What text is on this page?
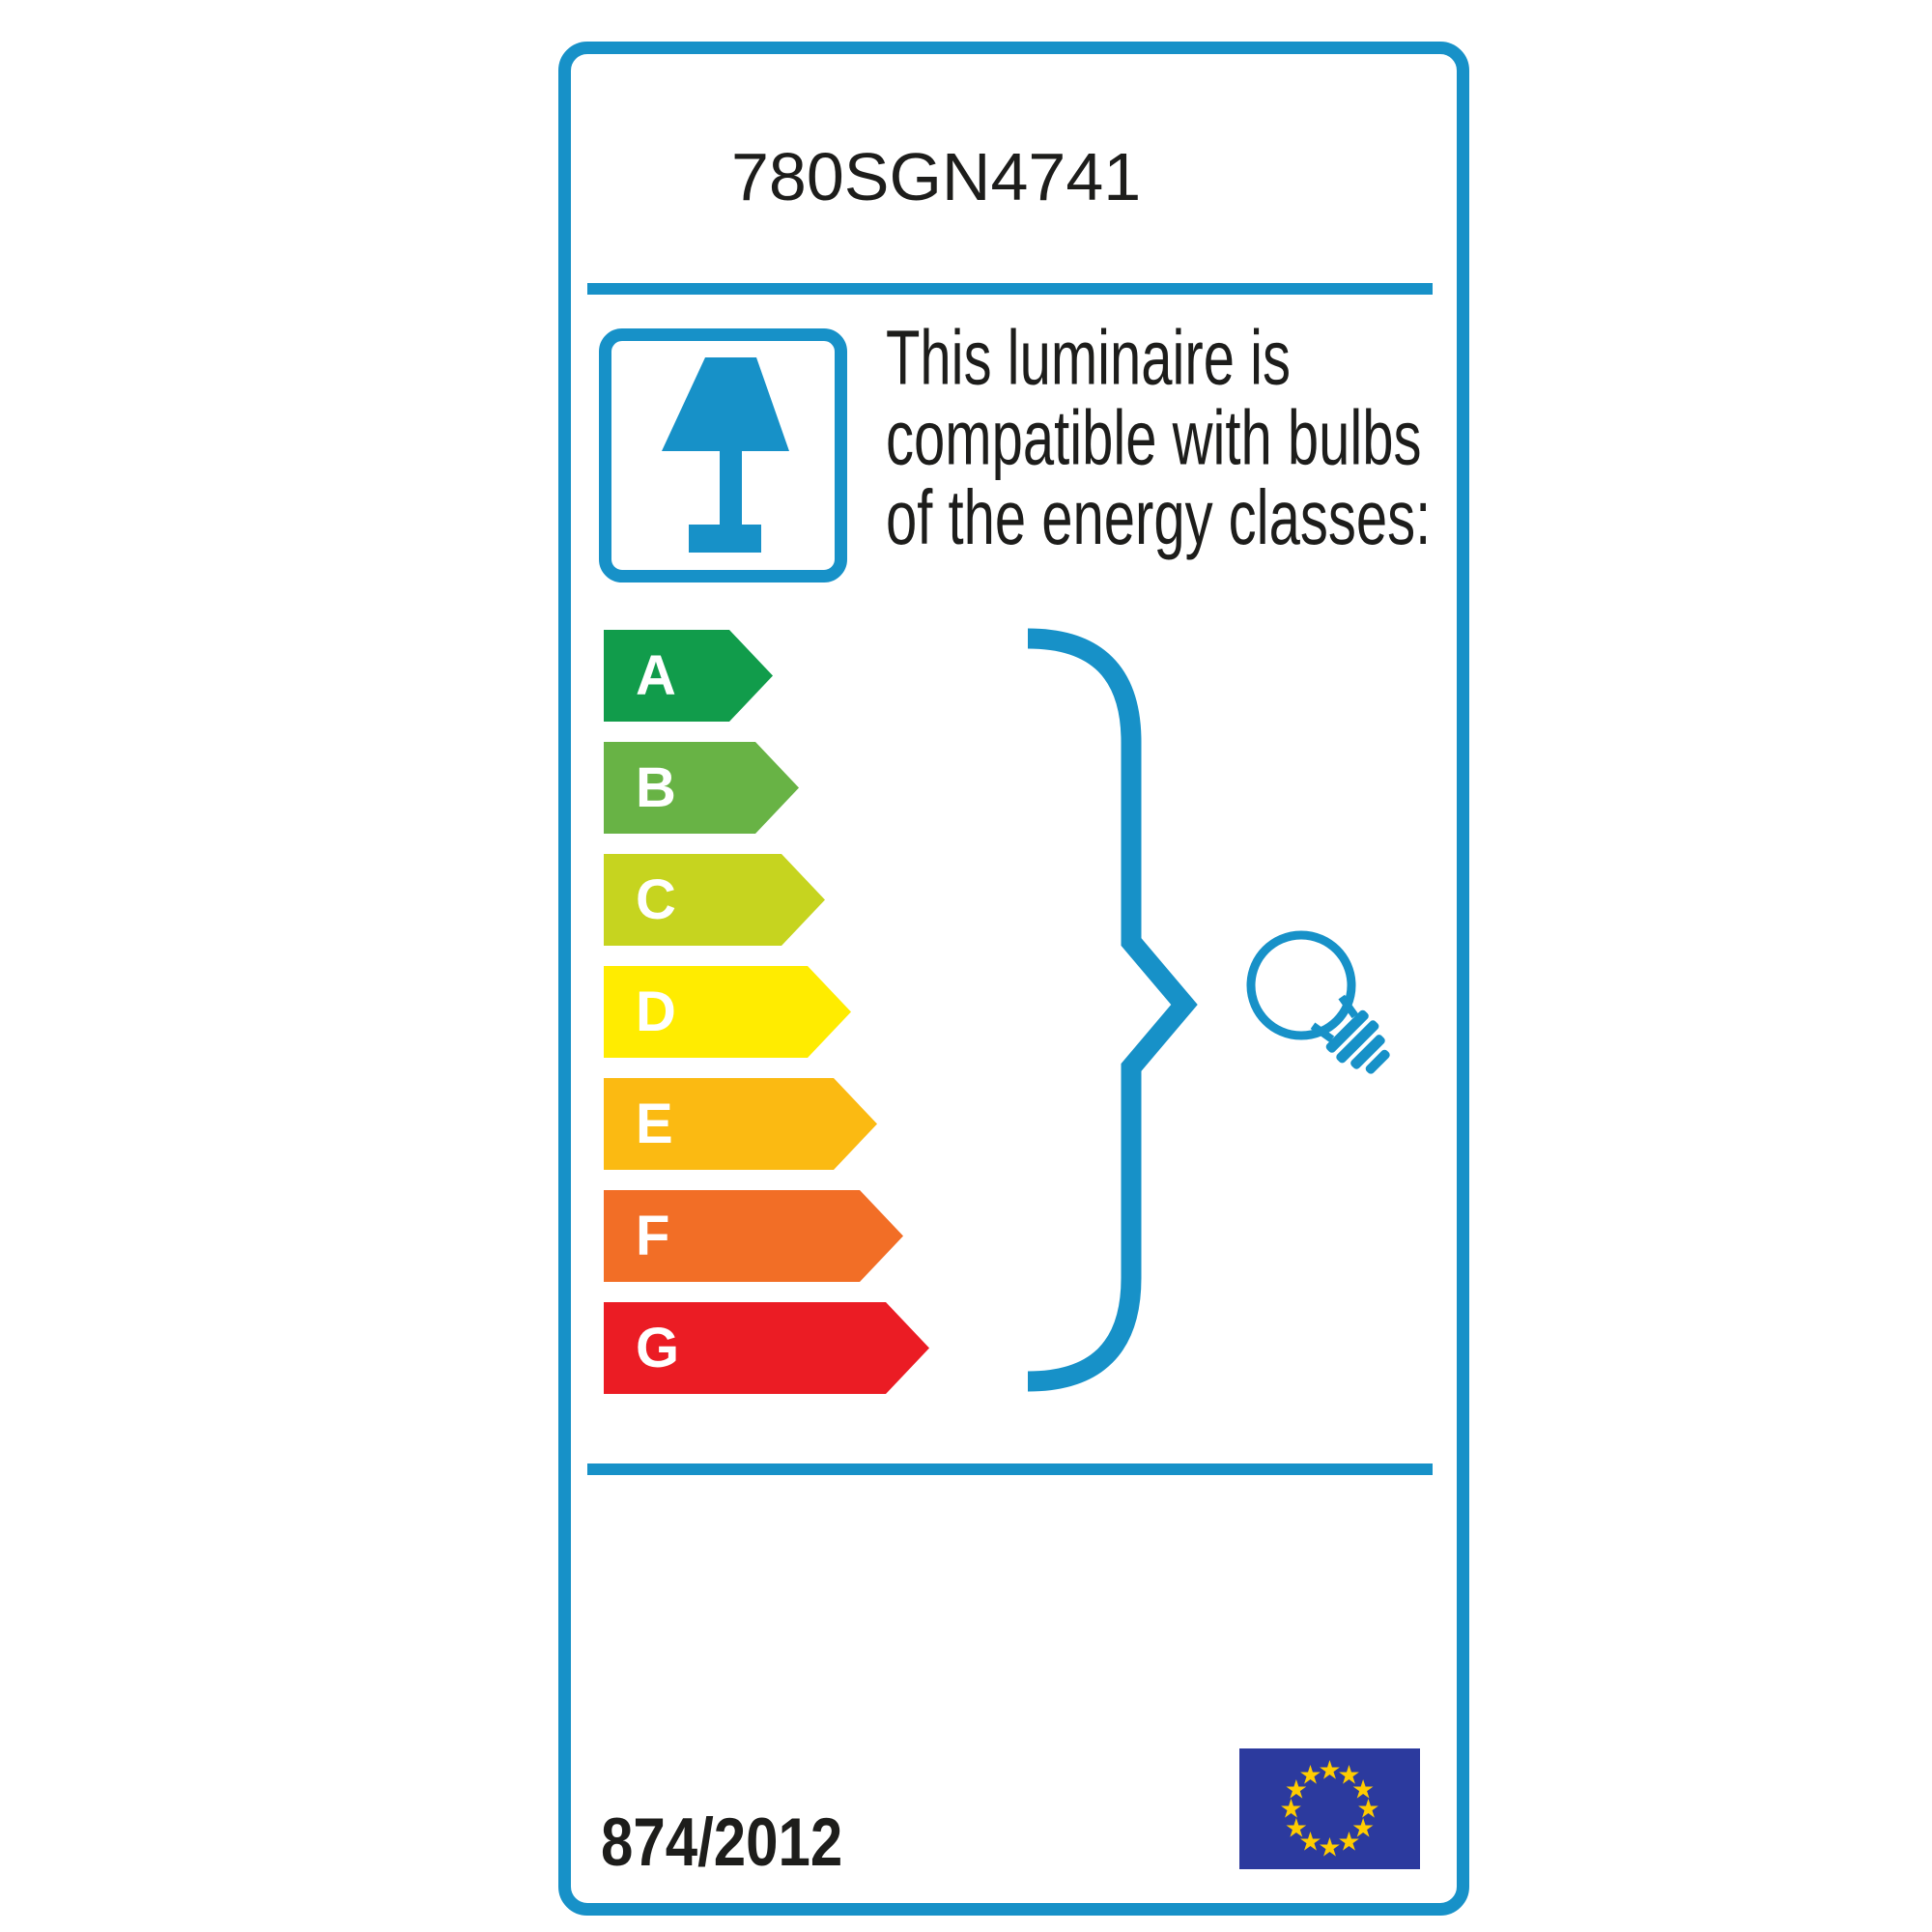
780SGN4741
This luminaire is
compatible with bulbs
of the energy classes:
A
B
C
D
E
F
G
874/2012
★
★
★
★
★
★
★
★
★
★
★
★
